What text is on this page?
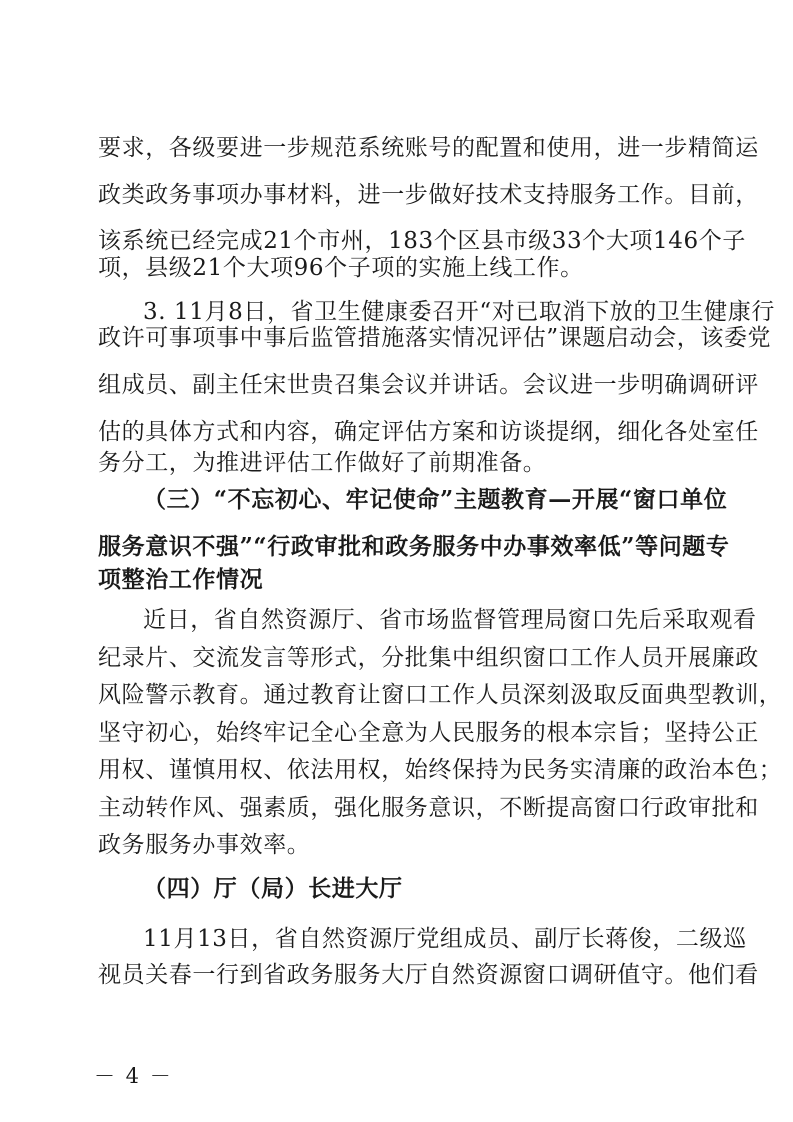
要求，各级要进一步规范系统账号的配置和使用，进一步精简运
政类政务事项办事材料，进一步做好技术支持服务工作。目前，
该系统已经完成21个市州，183个区县市级33个大项146个子
项，县级21个大项96个子项的实施上线工作。
3. 11月8日，省卫生健康委召开“对已取消下放的卫生健康行
政许可事项事中事后监管措施落实情况评估”课题启动会，该委党
组成员、副主任宋世贵召集会议并讲话。会议进一步明确调研评
估的具体方式和内容，确定评估方案和访谈提纲，细化各处室任
务分工，为推进评估工作做好了前期准备。
（三）“不忘初心、牢记使命”主题教育—开展“窗口单位
服务意识不强”“行政审批和政务服务中办事效率低”等问题专
项整治工作情况
近日，省自然资源厅、省市场监督管理局窗口先后采取观看
纪录片、交流发言等形式，分批集中组织窗口工作人员开展廉政
风险警示教育。通过教育让窗口工作人员深刻汲取反面典型教训，
坚守初心，始终牢记全心全意为人民服务的根本宗旨；坚持公正
用权、谨慎用权、依法用权，始终保持为民务实清廉的政治本色；
主动转作风、强素质，强化服务意识，不断提高窗口行政审批和
政务服务办事效率。
（四）厅（局）长进大厅
11月13日，省自然资源厅党组成员、副厅长蒋俊，二级巡
视员关春一行到省政务服务大厅自然资源窗口调研值守。他们看
－ 4 －
